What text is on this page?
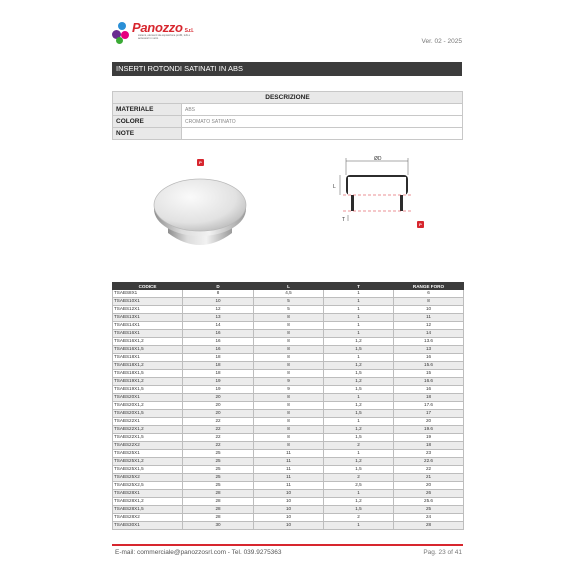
Panozzo S.r.l.
sistemi, elementi da esposizione profili, tubi e accessori in vetro	Ver. 02 - 2025
INSERTI ROTONDI SATINATI IN ABS
DESCRIZIONE	
MATERIALE	ABS
COLORE	CROMATO SATINATO
NOTE	
P
ØD
L
T
P
CODICE	D	L	T	RANGE FORO
TSABS8X1	8	4,5	1	6
TSABS10X1	10	5	1	8
TSABS12X1	12	5	1	10
TSABS13X1	13	8	1	11
TSABS14X1	14	8	1	12
TSABS16X1	16	8	1	14
TSABS16X1,2	16	8	1,2	13.6
TSABS16X1,5	16	8	1,5	13
TSABS18X1	18	8	1	16
TSABS18X1,2	18	8	1,2	15.6
TSABS18X1,5	18	8	1,5	15
TSABS19X1,2	19	9	1,2	16.6
TSABS19X1,5	19	9	1,5	16
TSABS20X1	20	8	1	18
TSABS20X1,2	20	8	1,2	17.6
TSABS20X1,5	20	8	1,5	17
TSABS22X1	22	8	1	20
TSABS22X1,2	22	8	1,2	19.6
TSABS22X1,5	22	8	1,5	19
TSABS22X2	22	8	2	18
TSABS25X1	25	11	1	23
TSABS25X1,2	25	11	1,2	22.6
TSABS25X1,5	25	11	1,5	22
TSABS25X2	25	11	2	21
TSABS25X2,5	25	11	2,5	20
TSABS28X1	28	10	1	26
TSABS28X1,2	28	10	1,2	25.6
TSABS28X1,5	28	10	1,5	25
TSABS28X2	28	10	2	24
TSABS30X1	30	10	1	28
E-mail: commerciale@panozzosrl.com - Tel. 039.9275363	Pag. 23 of 41
